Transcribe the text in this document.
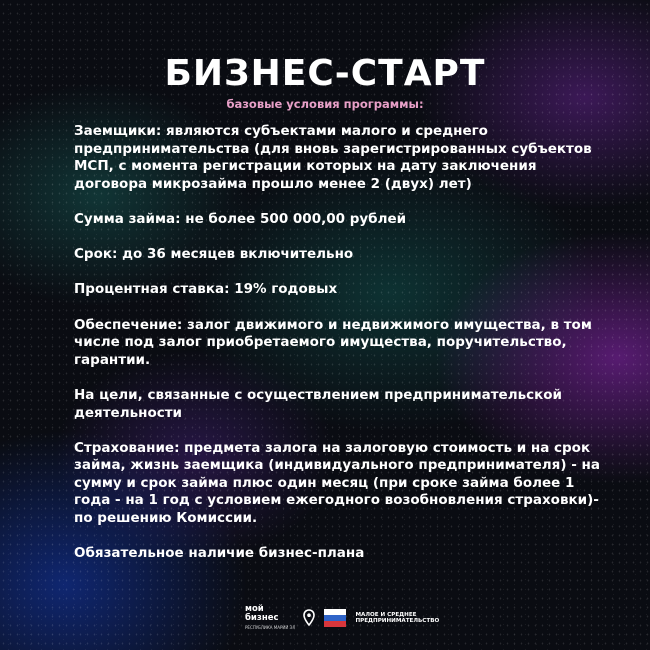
БИЗНЕС-СТАРТ
базовые условия программы:

Заемщики: являются субъектами малого и среднего предпринимательства (для вновь зарегистрированных субъектов МСП, с момента регистрации которых на дату заключения договора микрозайма прошло менее 2 (двух) лет)

Сумма займа: не более 500 000,00 рублей

Срок: до 36 месяцев включительно

Процентная ставка: 19% годовых

Обеспечение: залог движимого и недвижимого имущества, в том числе под залог приобретаемого имущества, поручительство, гарантии.

На цели, связанные с осуществлением предпринимательской деятельности

Страхование: предмета залога на залоговую стоимость и на срок займа, жизнь заемщика (индивидуального предпринимателя) - на сумму и срок займа плюс один месяц (при сроке займа более 1 года - на 1 год с условием ежегодного возобновления страховки)- по решению Комиссии.

Обязательное наличие бизнес-плана

мой
бизнес
РЕСПУБЛИКА МАРИЙ ЭЛ
МАЛОЕ И СРЕДНЕЕ ПРЕДПРИНИМАТЕЛЬСТВО
